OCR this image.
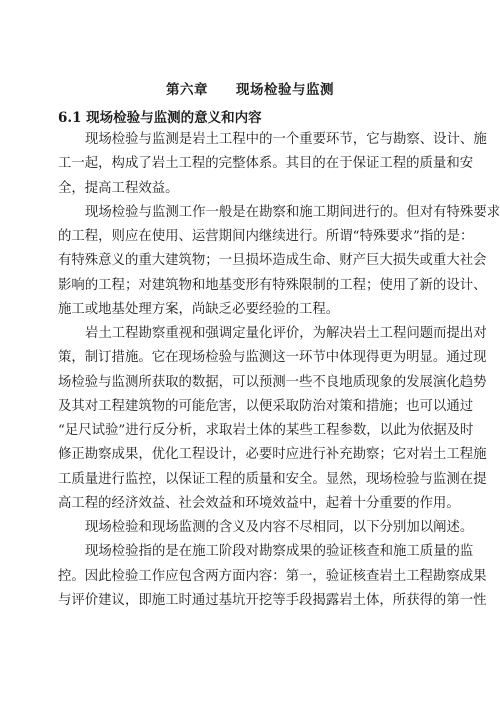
第六章　　现场检验与监测
6.1 现场检验与监测的意义和内容
现场检验与监测是岩土工程中的一个重要环节，它与勘察、设计、施
工一起，构成了岩土工程的完整体系。其目的在于保证工程的质量和安
全，提高工程效益。
现场检验与监测工作一般是在勘察和施工期间进行的。但对有特殊要求
的工程，则应在使用、运营期间内继续进行。所谓“特殊要求”指的是：
有特殊意义的重大建筑物；一旦损坏造成生命、财产巨大损失或重大社会
影响的工程；对建筑物和地基变形有特殊限制的工程；使用了新的设计、
施工或地基处理方案，尚缺乏必要经验的工程。
岩土工程勘察重视和强调定量化评价，为解决岩土工程问题而提出对
策，制订措施。它在现场检验与监测这一环节中体现得更为明显。通过现
场检验与监测所获取的数据，可以预测一些不良地质现象的发展演化趋势
及其对工程建筑物的可能危害，以便采取防治对策和措施；也可以通过
“足尺试验”进行反分析，求取岩土体的某些工程参数，以此为依据及时
修正勘察成果，优化工程设计，必要时应进行补充勘察；它对岩土工程施
工质量进行监控，以保证工程的质量和安全。显然，现场检验与监测在提
高工程的经济效益、社会效益和环境效益中，起着十分重要的作用。
现场检验和现场监测的含义及内容不尽相同，以下分别加以阐述。
现场检验指的是在施工阶段对勘察成果的验证核查和施工质量的监
控。因此检验工作应包含两方面内容：第一，验证核查岩土工程勘察成果
与评价建议，即施工时通过基坑开挖等手段揭露岩土体，所获得的第一性
